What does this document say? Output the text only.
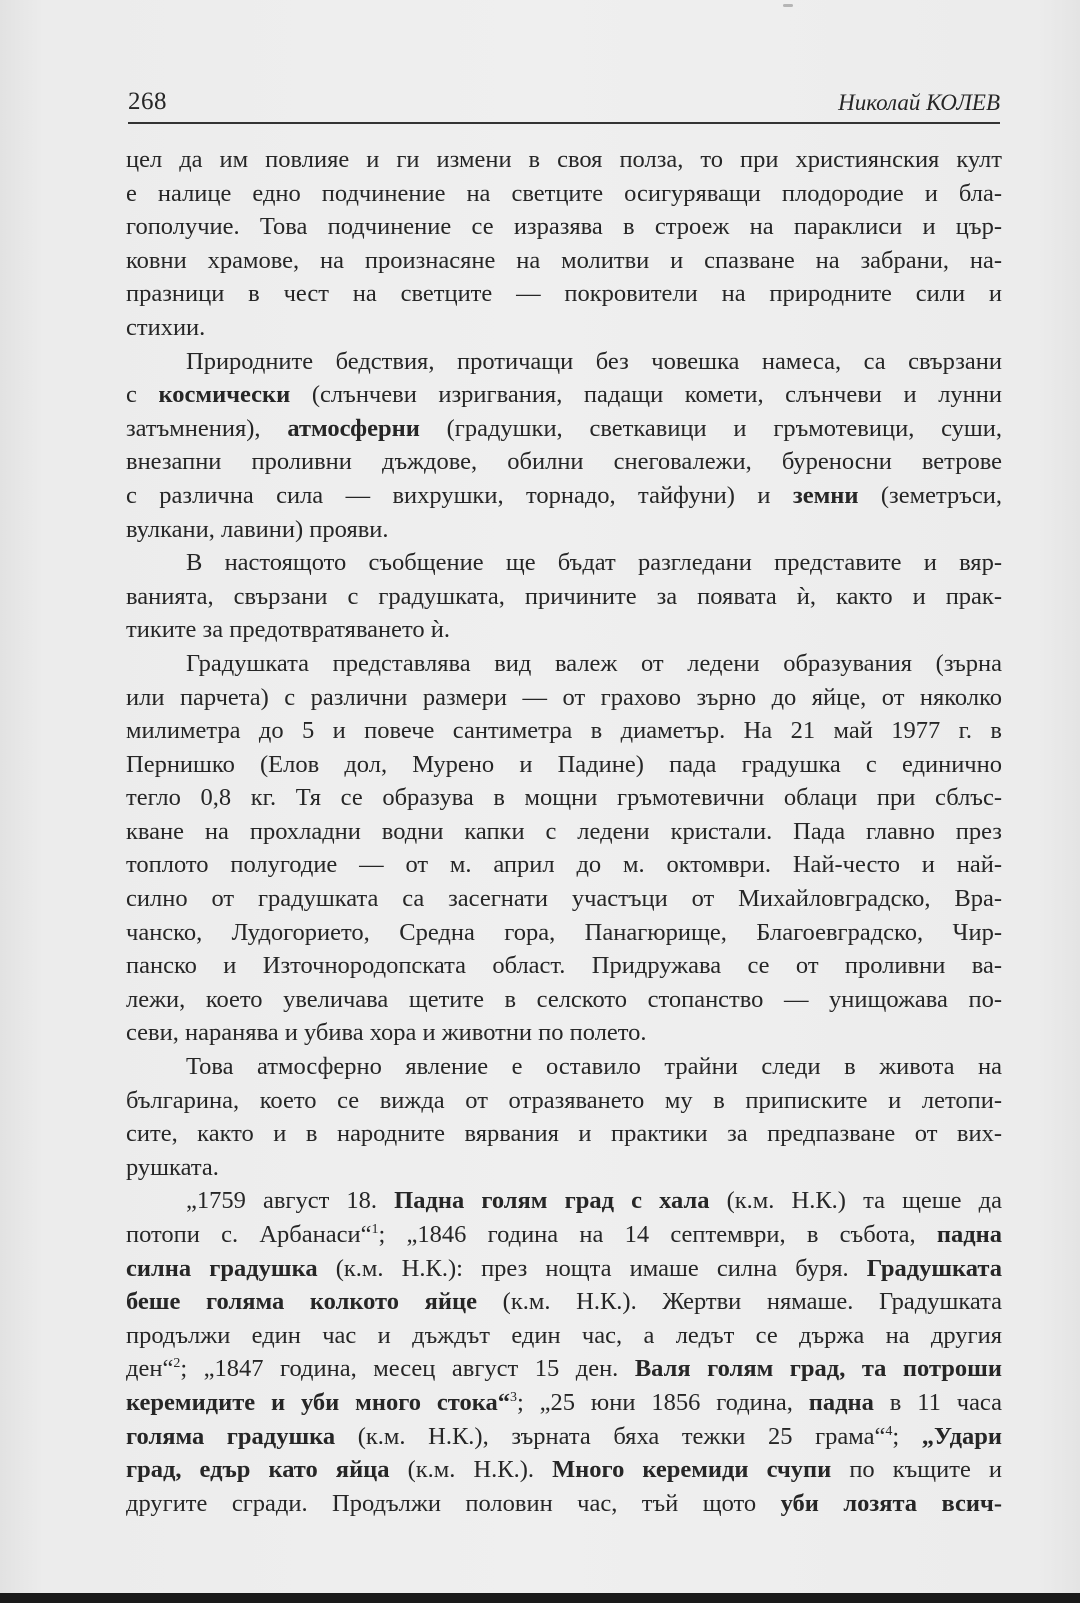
268	Николай КОЛЕВ
цел да им повлияе и ги измени в своя полза, то при християнския култ
е налице едно подчинение на светците осигуряващи плодородие и бла-
гополучие. Това подчинение се изразява в строеж на параклиси и цър-
ковни храмове, на произнасяне на молитви и спазване на забрани, на-
празници в чест на светците — покровители на природните сили и
стихии.
Природните бедствия, протичащи без човешка намеса, са свързани
с космически (слънчеви изригвания, падащи комети, слънчеви и лунни
затъмнения), атмосферни (градушки, светкавици и гръмотевици, суши,
внезапни проливни дъждове, обилни снеговалежи, буреносни ветрове
с различна сила — вихрушки, торнадо, тайфуни) и земни (земетръси,
вулкани, лавини) прояви.
В настоящото съобщение ще бъдат разгледани представите и вяр-
ванията, свързани с градушката, причините за появата ѝ, както и прак-
тиките за предотвратяването ѝ.
Градушката представлява вид валеж от ледени образувания (зърна
или парчета) с различни размери — от грахово зърно до яйце, от няколко
милиметра до 5 и повече сантиметра в диаметър. На 21 май 1977 г. в
Пернишко (Елов дол, Мурено и Падине) пада градушка с единично
тегло 0,8 кг. Тя се образува в мощни гръмотевични облаци при сблъс-
кване на прохладни водни капки с ледени кристали. Пада главно през
топлото полугодие — от м. април до м. октомври. Най-често и най-
силно от градушката са засегнати участъци от Михайловградско, Вра-
чанско, Лудогорието, Средна гора, Панагюрище, Благоевградско, Чир-
панско и Източнородопската област. Придружава се от проливни ва-
лежи, което увеличава щетите в селското стопанство — унищожава по-
севи, наранява и убива хора и животни по полето.
Това атмосферно явление е оставило трайни следи в живота на
българина, което се вижда от отразяването му в приписките и летопи-
сите, както и в народните вярвания и практики за предпазване от вих-
рушката.
„1759 август 18. Падна голям град с хала (к.м. Н.К.) та щеше да
потопи с. Арбанаси“$^1$; „1846 година на 14 септември, в събота, падна
силна градушка (к.м. Н.К.): през нощта имаше силна буря. Градушката
беше голяма колкото яйце (к.м. Н.К.). Жертви нямаше. Градушката
продължи един час и дъждът един час, а ледът се държа на другия
ден“$^2$; „1847 година, месец август 15 ден. Валя голям град, та потроши
керемидите и уби много стока“$^3$; „25 юни 1856 година, падна в 11 часа
голяма градушка (к.м. Н.К.), зърната бяха тежки 25 грама“$^4$; „Удари
град, едър като яйца (к.м. Н.К.). Много керемиди счупи по къщите и
другите сгради. Продължи половин час, тъй щото уби лозята всич-
